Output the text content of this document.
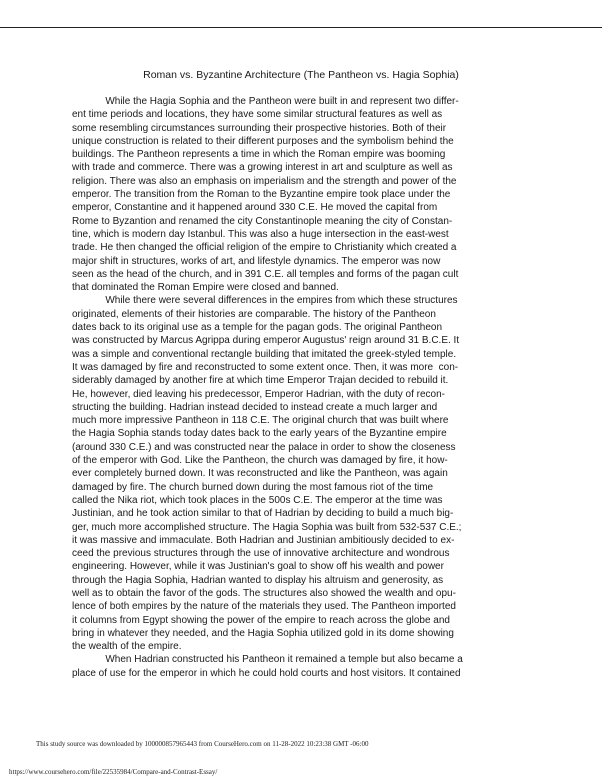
Roman vs. Byzantine Architecture (The Pantheon vs. Hagia Sophia)
While the Hagia Sophia and the Pantheon were built in and represent two differ-
ent time periods and locations, they have some similar structural features as well as
some resembling circumstances surrounding their prospective histories. Both of their
unique construction is related to their different purposes and the symbolism behind the
buildings. The Pantheon represents a time in which the Roman empire was booming
with trade and commerce. There was a growing interest in art and sculpture as well as
religion. There was also an emphasis on imperialism and the strength and power of the
emperor. The transition from the Roman to the Byzantine empire took place under the
emperor, Constantine and it happened around 330 C.E. He moved the capital from
Rome to Byzantion and renamed the city Constantinople meaning the city of Constan-
tine, which is modern day Istanbul. This was also a huge intersection in the east-west
trade. He then changed the official religion of the empire to Christianity which created a
major shift in structures, works of art, and lifestyle dynamics. The emperor was now
seen as the head of the church, and in 391 C.E. all temples and forms of the pagan cult
that dominated the Roman Empire were closed and banned.
While there were several differences in the empires from which these structures
originated, elements of their histories are comparable. The history of the Pantheon
dates back to its original use as a temple for the pagan gods. The original Pantheon
was constructed by Marcus Agrippa during emperor Augustus' reign around 31 B.C.E. It
was a simple and conventional rectangle building that imitated the greek-styled temple.
It was damaged by fire and reconstructed to some extent once. Then, it was more  con-
siderably damaged by another fire at which time Emperor Trajan decided to rebuild it.
He, however, died leaving his predecessor, Emperor Hadrian, with the duty of recon-
structing the building. Hadrian instead decided to instead create a much larger and
much more impressive Pantheon in 118 C.E. The original church that was built where
the Hagia Sophia stands today dates back to the early years of the Byzantine empire
(around 330 C.E.) and was constructed near the palace in order to show the closeness
of the emperor with God. Like the Pantheon, the church was damaged by fire, it how-
ever completely burned down. It was reconstructed and like the Pantheon, was again
damaged by fire. The church burned down during the most famous riot of the time
called the Nika riot, which took places in the 500s C.E. The emperor at the time was
Justinian, and he took action similar to that of Hadrian by deciding to build a much big-
ger, much more accomplished structure. The Hagia Sophia was built from 532-537 C.E.;
it was massive and immaculate. Both Hadrian and Justinian ambitiously decided to ex-
ceed the previous structures through the use of innovative architecture and wondrous
engineering. However, while it was Justinian's goal to show off his wealth and power
through the Hagia Sophia, Hadrian wanted to display his altruism and generosity, as
well as to obtain the favor of the gods. The structures also showed the wealth and opu-
lence of both empires by the nature of the materials they used. The Pantheon imported
it columns from Egypt showing the power of the empire to reach across the globe and
bring in whatever they needed, and the Hagia Sophia utilized gold in its dome showing
the wealth of the empire.
When Hadrian constructed his Pantheon it remained a temple but also became a
place of use for the emperor in which he could hold courts and host visitors. It contained
This study source was downloaded by 100000857965443 from CourseHero.com on 11-28-2022 10:23:38 GMT -06:00
https://www.coursehero.com/file/22535984/Compare-and-Contrast-Essay/
